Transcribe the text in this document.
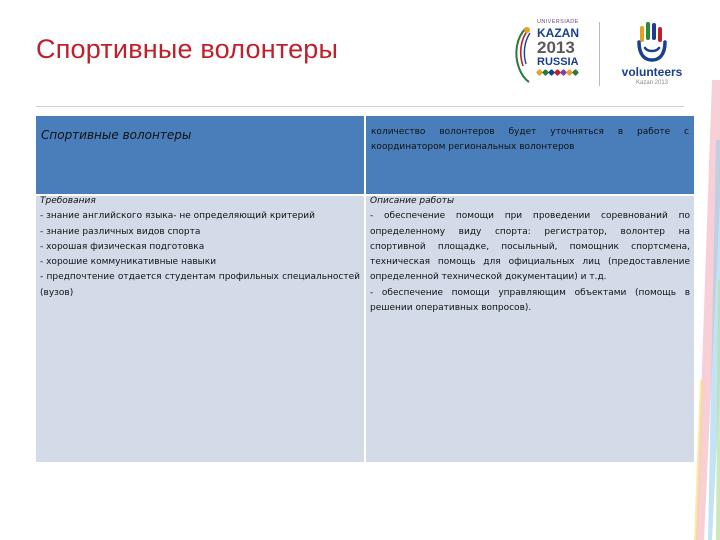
Спортивные волонтеры
UNIVERSIADE
KAZAN
2013
RUSSIA
volunteers
Kazan 2013
Спортивные волонтеры	количество волонтеров будет уточняться в работе с координатором региональных волонтеров
Требования
- знание английского языка- не определяющий критерий
- знание различных видов спорта
- хорошая физическая подготовка
- хорошие коммуникативные навыки
- предпочтение отдается студентам профильных специальностей (вузов)
Описание работы
- обеспечение помощи при проведении соревнований по определенному виду спорта: регистратор, волонтер на спортивной площадке, посыльный, помощник спортсмена, техническая помощь для официальных лиц (предоставление определенной технической документации) и т.д.
- обеспечение помощи управляющим объектами (помощь в решении оперативных вопросов).
